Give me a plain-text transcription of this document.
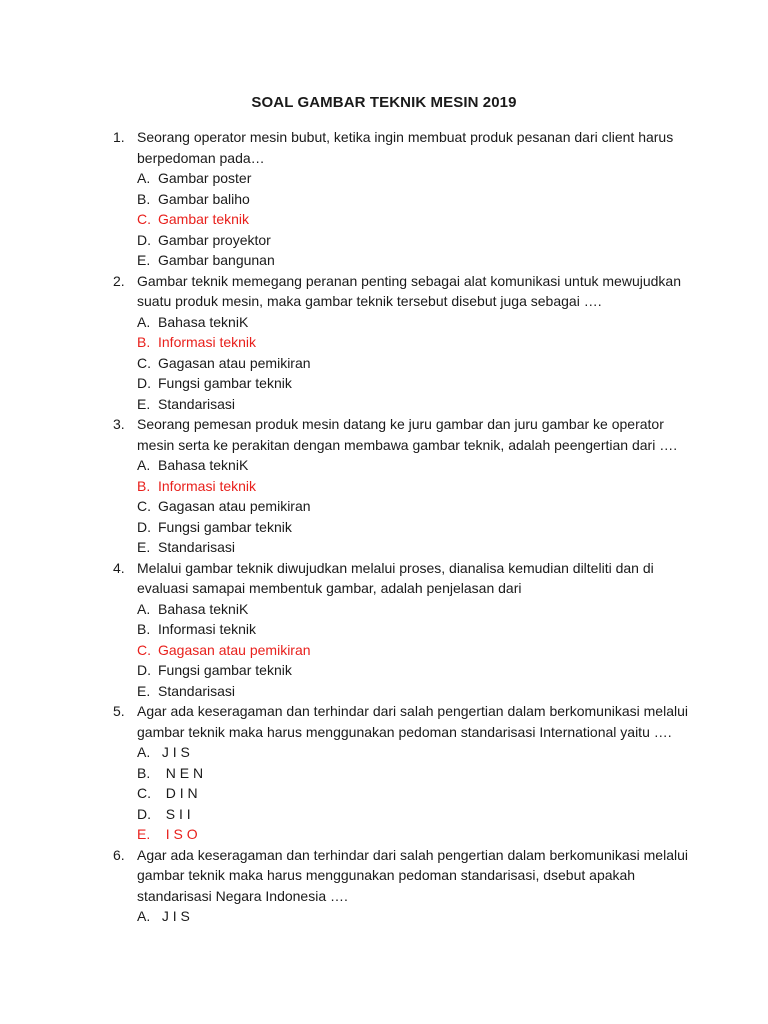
SOAL GAMBAR TEKNIK MESIN 2019
1. Seorang operator mesin bubut, ketika ingin membuat produk pesanan dari client harus berpedoman pada…
A. Gambar poster
B. Gambar baliho
C. Gambar teknik
D. Gambar proyektor
E. Gambar bangunan
2. Gambar teknik memegang peranan penting sebagai alat komunikasi untuk mewujudkan suatu produk mesin, maka gambar teknik tersebut disebut juga sebagai ….
A. Bahasa tekniK
B. Informasi teknik
C. Gagasan atau pemikiran
D. Fungsi gambar teknik
E. Standarisasi
3. Seorang pemesan produk mesin datang ke juru gambar dan juru gambar ke operator mesin serta ke perakitan dengan membawa gambar teknik, adalah peengertian dari ….
A. Bahasa tekniK
B. Informasi teknik
C. Gagasan atau pemikiran
D. Fungsi gambar teknik
E. Standarisasi
4. Melalui gambar teknik diwujudkan melalui proses, dianalisa kemudian dilteliti dan di evaluasi samapai membentuk gambar, adalah penjelasan dari
A. Bahasa tekniK
B. Informasi teknik
C. Gagasan atau pemikiran
D. Fungsi gambar teknik
E. Standarisasi
5. Agar ada keseragaman dan terhindar dari salah pengertian dalam berkomunikasi melalui gambar teknik maka harus menggunakan pedoman standarisasi International yaitu ….
A. J I S
B. N E N
C. D I N
D. S I I
E. I S O
6. Agar ada keseragaman dan terhindar dari salah pengertian dalam berkomunikasi melalui gambar teknik maka harus menggunakan pedoman standarisasi, dsebut apakah standarisasi Negara Indonesia ….
A. J I S
